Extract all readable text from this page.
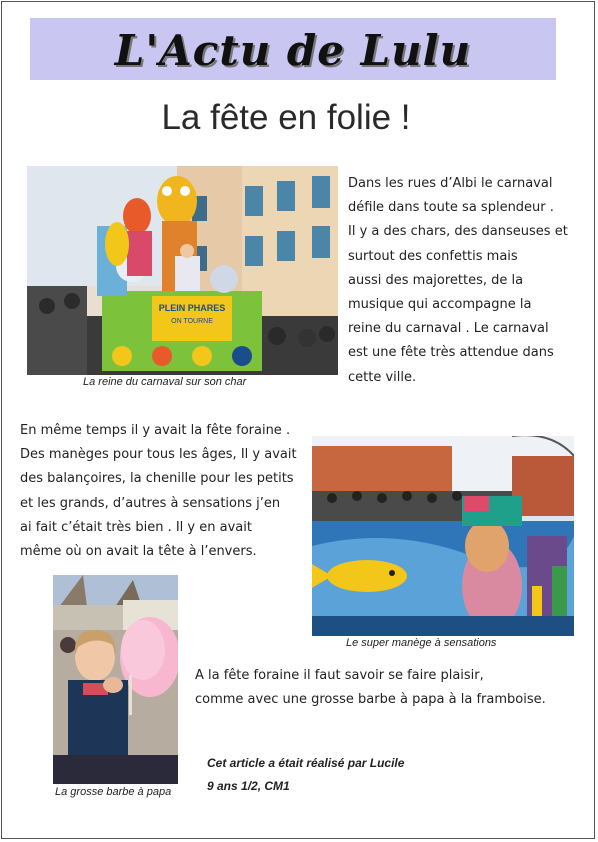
L'Actu de Lulu
La fête en folie !
PLEIN PHARES
ON TOURNE
La reine du carnaval sur son char
Dans les rues d’Albi le carnaval
défile dans toute sa splendeur .
Il y a des chars, des danseuses et
surtout des confettis mais
aussi des majorettes, de la
musique qui accompagne la
reine du carnaval . Le carnaval
est une fête très attendue dans
cette ville.
En même temps il y avait la fête foraine .
Des manèges pour tous les âges, Il y avait
des balançoires, la chenille pour les petits
et les grands, d’autres à sensations j’en
ai fait c’était très bien . Il y en avait
même où on avait la tête à l’envers.
Le super manège à sensations
La grosse barbe à papa
A la fête foraine il faut savoir se faire plaisir,
comme avec une grosse barbe à papa à la framboise.
Cet article a était réalisé par Lucile
9 ans 1/2, CM1
